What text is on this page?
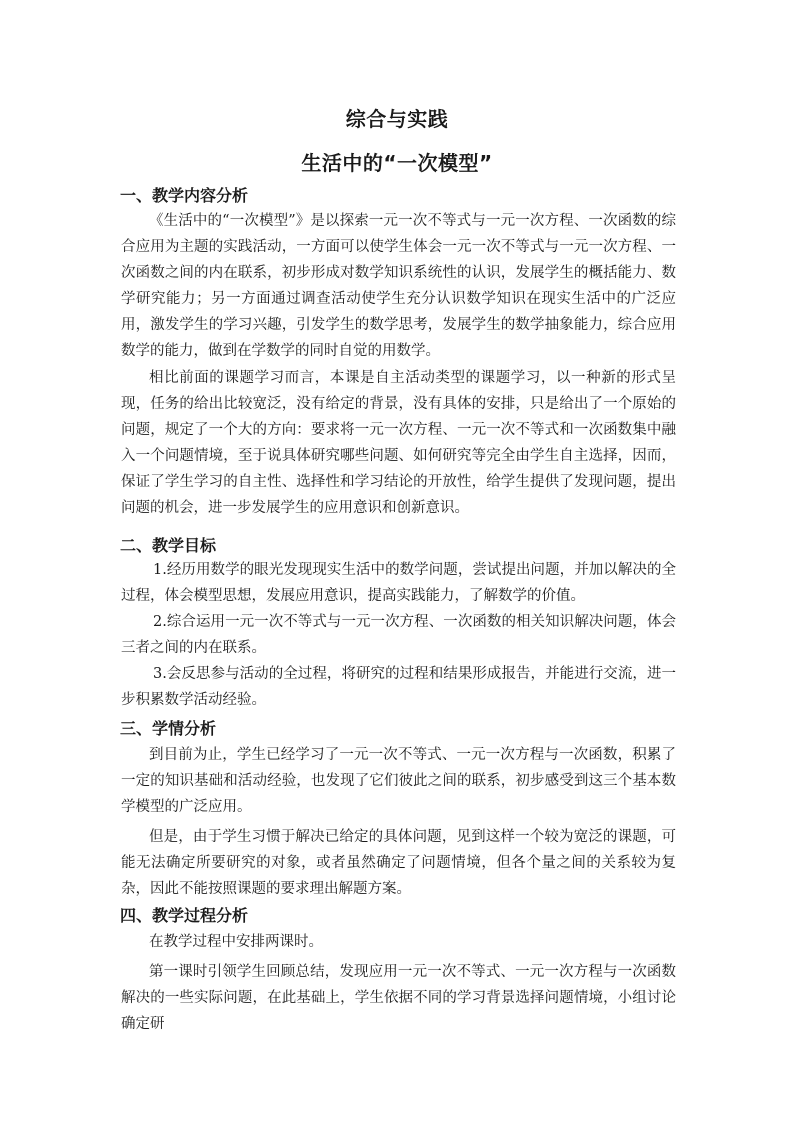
综合与实践
生活中的“一次模型”
一、教学内容分析
《生活中的“一次模型”》是以探索一元一次不等式与一元一次方程、一次函数的综合应用为主题的实践活动，一方面可以使学生体会一元一次不等式与一元一次方程、一次函数之间的内在联系，初步形成对数学知识系统性的认识，发展学生的概括能力、数学研究能力；另一方面通过调查活动使学生充分认识数学知识在现实生活中的广泛应用，激发学生的学习兴趣，引发学生的数学思考，发展学生的数学抽象能力，综合应用数学的能力，做到在学数学的同时自觉的用数学。
相比前面的课题学习而言，本课是自主活动类型的课题学习，以一种新的形式呈现，任务的给出比较宽泛，没有给定的背景，没有具体的安排，只是给出了一个原始的问题，规定了一个大的方向：要求将一元一次方程、一元一次不等式和一次函数集中融入一个问题情境，至于说具体研究哪些问题、如何研究等完全由学生自主选择，因而，保证了学生学习的自主性、选择性和学习结论的开放性，给学生提供了发现问题，提出问题的机会，进一步发展学生的应用意识和创新意识。
二、教学目标
1.经历用数学的眼光发现现实生活中的数学问题，尝试提出问题，并加以解决的全过程，体会模型思想，发展应用意识，提高实践能力，了解数学的价值。
2.综合运用一元一次不等式与一元一次方程、一次函数的相关知识解决问题，体会三者之间的内在联系。
3.会反思参与活动的全过程，将研究的过程和结果形成报告，并能进行交流，进一步积累数学活动经验。
三、学情分析
到目前为止，学生已经学习了一元一次不等式、一元一次方程与一次函数，积累了一定的知识基础和活动经验，也发现了它们彼此之间的联系，初步感受到这三个基本数学模型的广泛应用。
但是，由于学生习惯于解决已给定的具体问题，见到这样一个较为宽泛的课题，可能无法确定所要研究的对象，或者虽然确定了问题情境，但各个量之间的关系较为复杂，因此不能按照课题的要求理出解题方案。
四、教学过程分析
在教学过程中安排两课时。
第一课时引领学生回顾总结，发现应用一元一次不等式、一元一次方程与一次函数解决的一些实际问题，在此基础上，学生依据不同的学习背景选择问题情境，小组讨论确定研
